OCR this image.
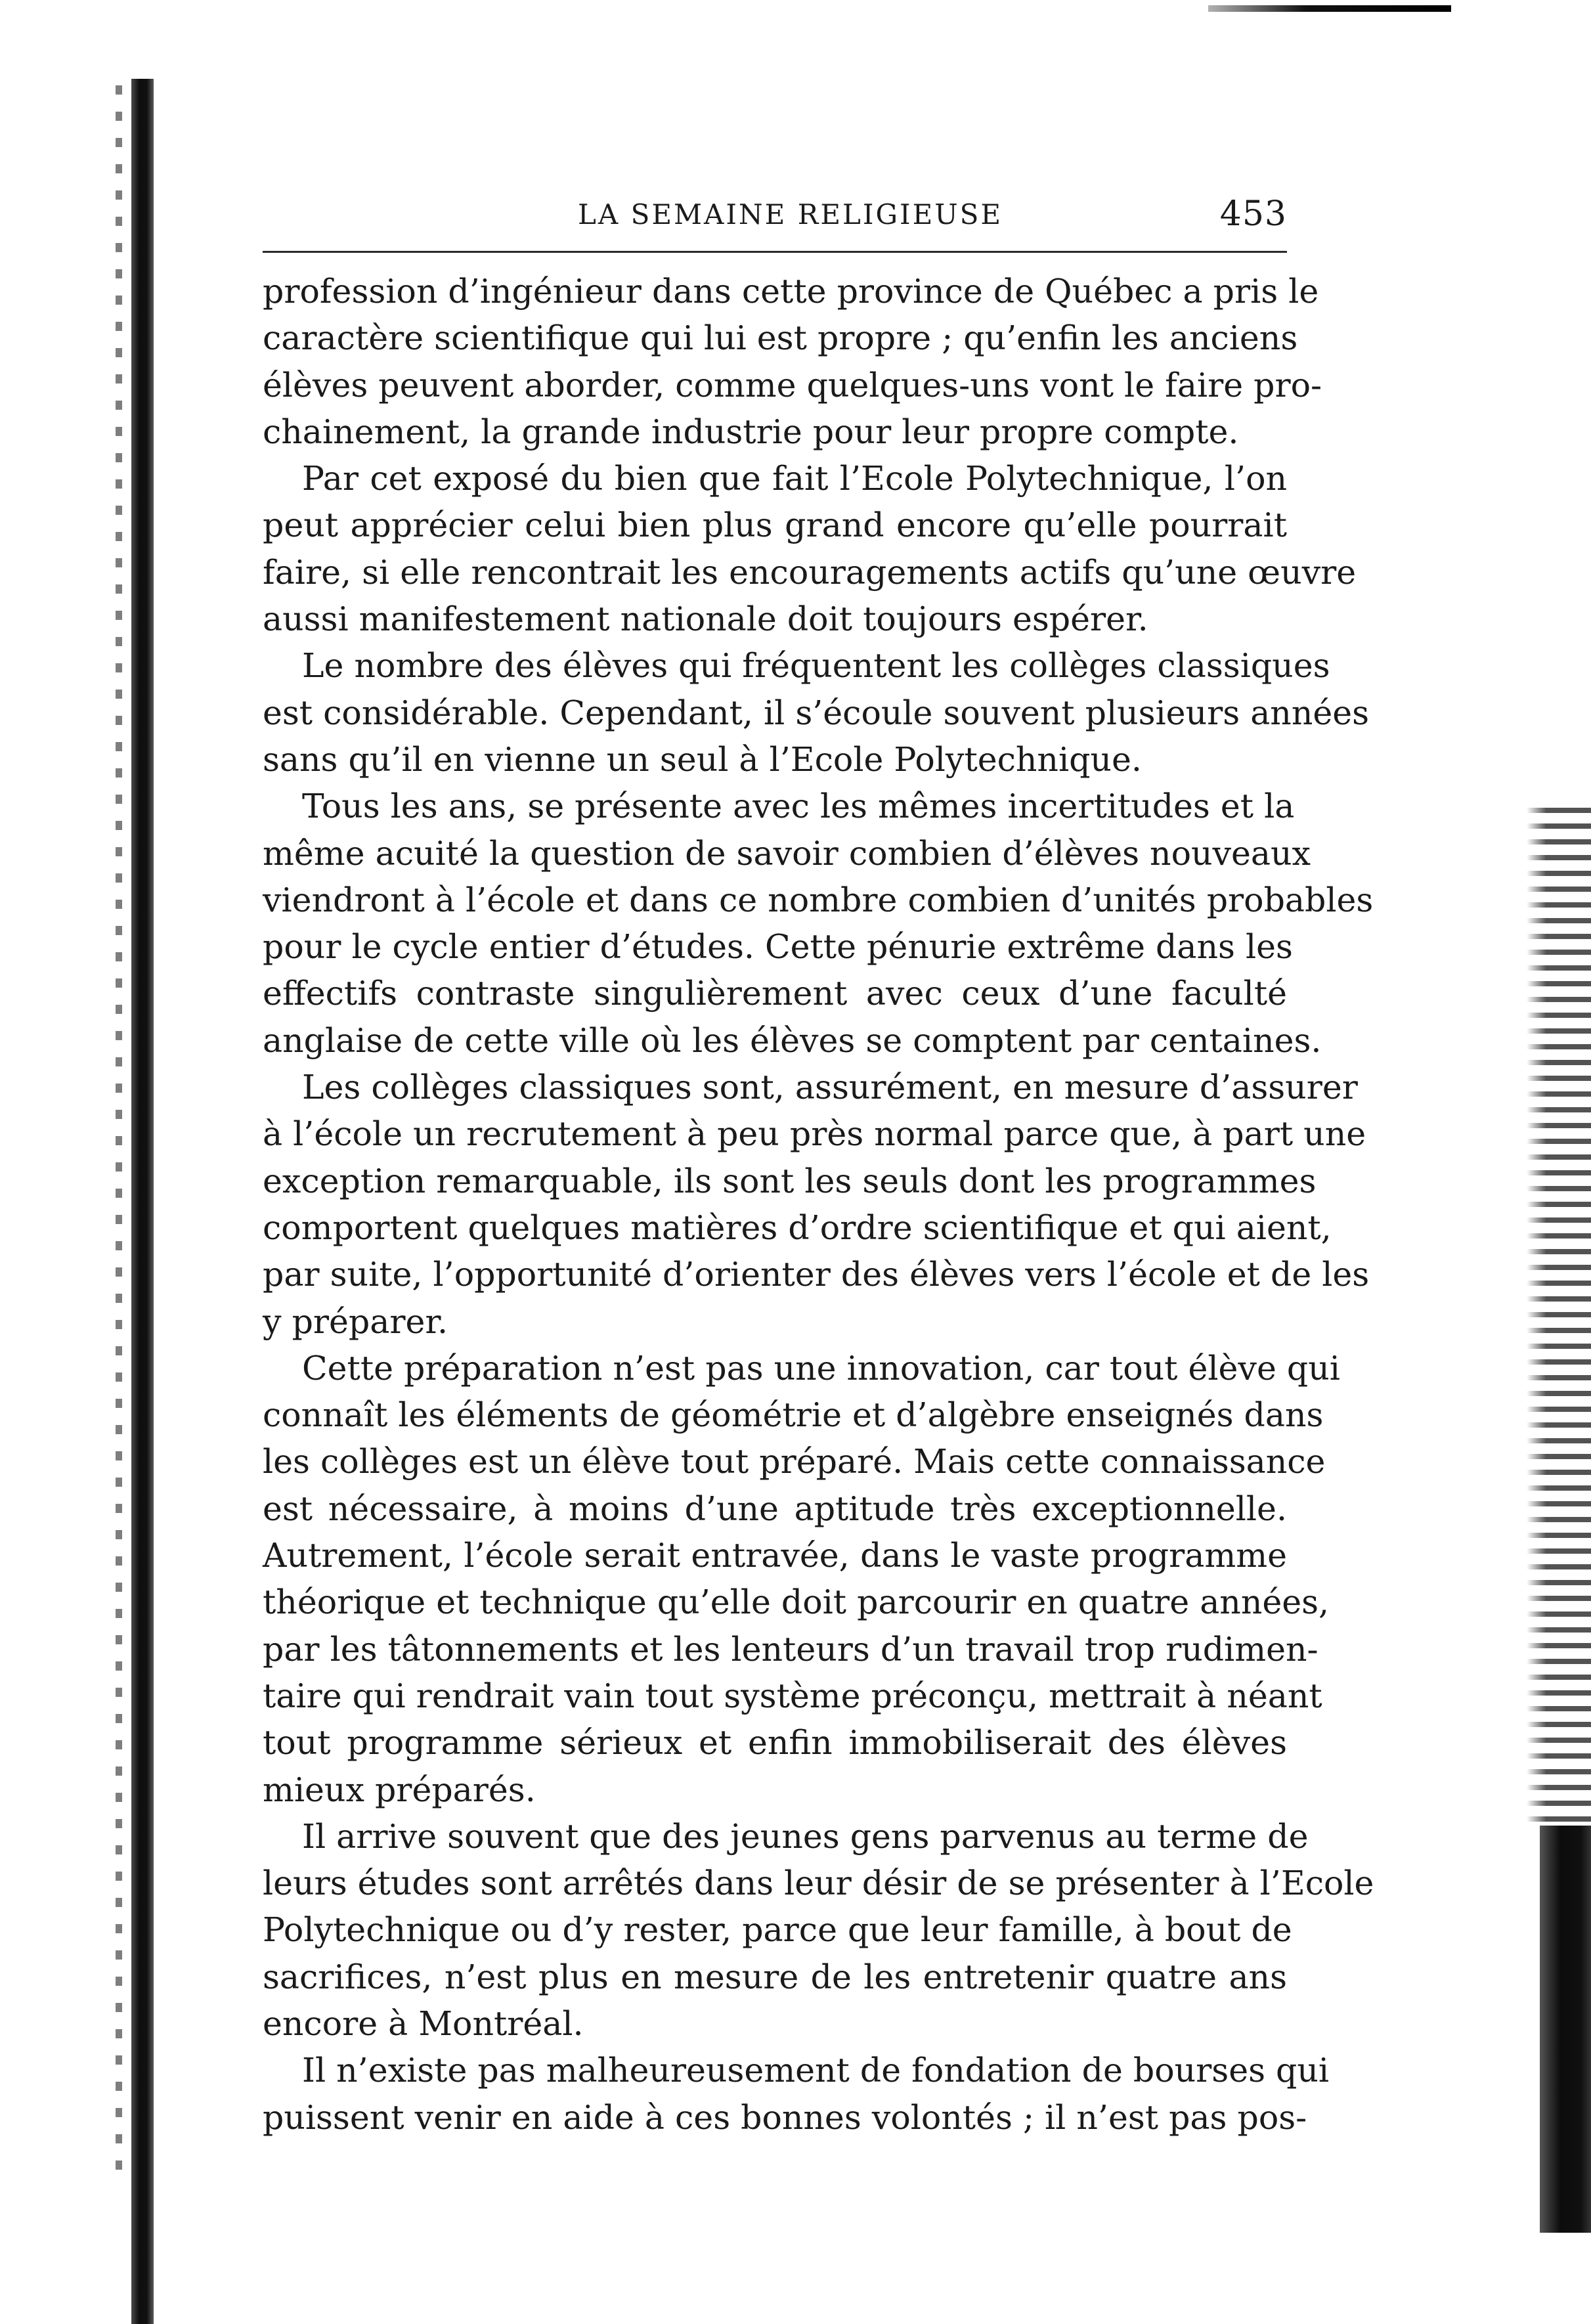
LA SEMAINE RELIGIEUSE	453

profession d’ingénieur dans cette province de Québec a pris le
caractère scientifique qui lui est propre ; qu’enfin les anciens
élèves peuvent aborder, comme quelques-uns vont le faire pro-
chainement, la grande industrie pour leur propre compte.

Par cet exposé du bien que fait l’Ecole Polytechnique, l’on
peut apprécier celui bien plus grand encore qu’elle pourrait
faire, si elle rencontrait les encouragements actifs qu’une œuvre
aussi manifestement nationale doit toujours espérer.

Le nombre des élèves qui fréquentent les collèges classiques
est considérable. Cependant, il s’écoule souvent plusieurs années
sans qu’il en vienne un seul à l’Ecole Polytechnique.

Tous les ans, se présente avec les mêmes incertitudes et la
même acuité la question de savoir combien d’élèves nouveaux
viendront à l’école et dans ce nombre combien d’unités probables
pour le cycle entier d’études. Cette pénurie extrême dans les
effectifs contraste singulièrement avec ceux d’une faculté
anglaise de cette ville où les élèves se comptent par centaines.

Les collèges classiques sont, assurément, en mesure d’assurer
à l’école un recrutement à peu près normal parce que, à part une
exception remarquable, ils sont les seuls dont les programmes
comportent quelques matières d’ordre scientifique et qui aient,
par suite, l’opportunité d’orienter des élèves vers l’école et de les
y préparer.

Cette préparation n’est pas une innovation, car tout élève qui
connaît les éléments de géométrie et d’algèbre enseignés dans
les collèges est un élève tout préparé. Mais cette connaissance
est nécessaire, à moins d’une aptitude très exceptionnelle.
Autrement, l’école serait entravée, dans le vaste programme
théorique et technique qu’elle doit parcourir en quatre années,
par les tâtonnements et les lenteurs d’un travail trop rudimen-
taire qui rendrait vain tout système préconçu, mettrait à néant
tout programme sérieux et enfin immobiliserait des élèves
mieux préparés.

Il arrive souvent que des jeunes gens parvenus au terme de
leurs études sont arrêtés dans leur désir de se présenter à l’Ecole
Polytechnique ou d’y rester, parce que leur famille, à bout de
sacrifices, n’est plus en mesure de les entretenir quatre ans
encore à Montréal.

Il n’existe pas malheureusement de fondation de bourses qui
puissent venir en aide à ces bonnes volontés ; il n’est pas pos-
